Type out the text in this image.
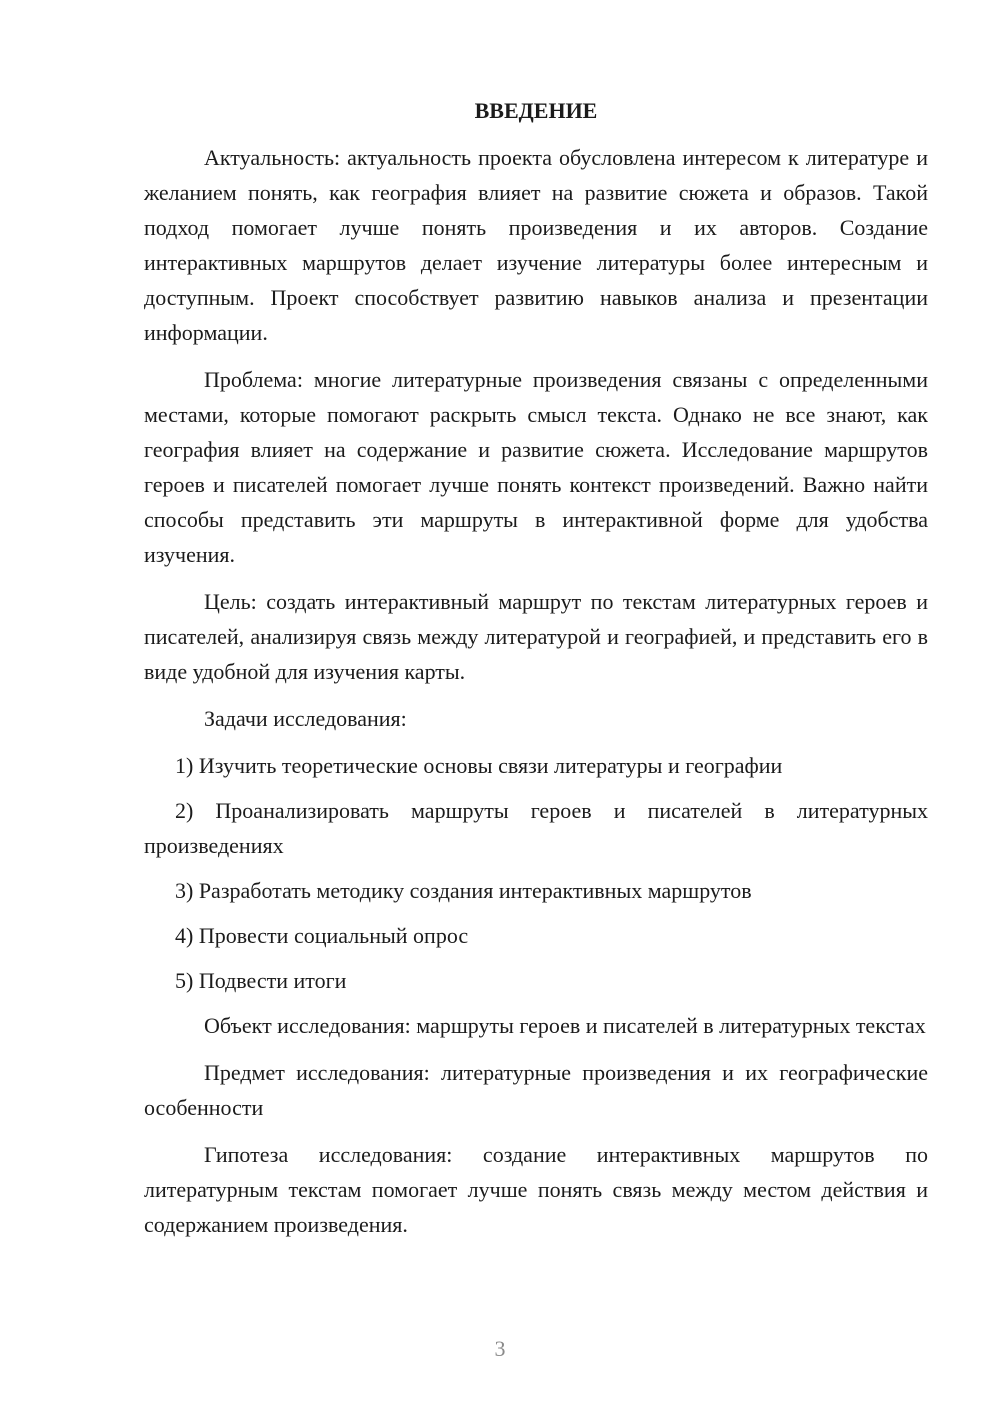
ВВЕДЕНИЕ

Актуальность: актуальность проекта обусловлена интересом к литературе и желанием понять, как география влияет на развитие сюжета и образов. Такой подход помогает лучше понять произведения и их авторов. Создание интерактивных маршрутов делает изучение литературы более интересным и доступным. Проект способствует развитию навыков анализа и презентации информации.

Проблема: многие литературные произведения связаны с определенными местами, которые помогают раскрыть смысл текста. Однако не все знают, как география влияет на содержание и развитие сюжета. Исследование маршрутов героев и писателей помогает лучше понять контекст произведений. Важно найти способы представить эти маршруты в интерактивной форме для удобства изучения.

Цель: создать интерактивный маршрут по текстам литературных героев и писателей, анализируя связь между литературой и географией, и представить его в виде удобной для изучения карты.

Задачи исследования:

1) Изучить теоретические основы связи литературы и географии

2) Проанализировать маршруты героев и писателей в литературных произведениях

3) Разработать методику создания интерактивных маршрутов

4) Провести социальный опрос

5) Подвести итоги

Объект исследования: маршруты героев и писателей в литературных текстах

Предмет исследования: литературные произведения и их географические особенности

Гипотеза исследования: создание интерактивных маршрутов по литературным текстам помогает лучше понять связь между местом действия и содержанием произведения.

3
